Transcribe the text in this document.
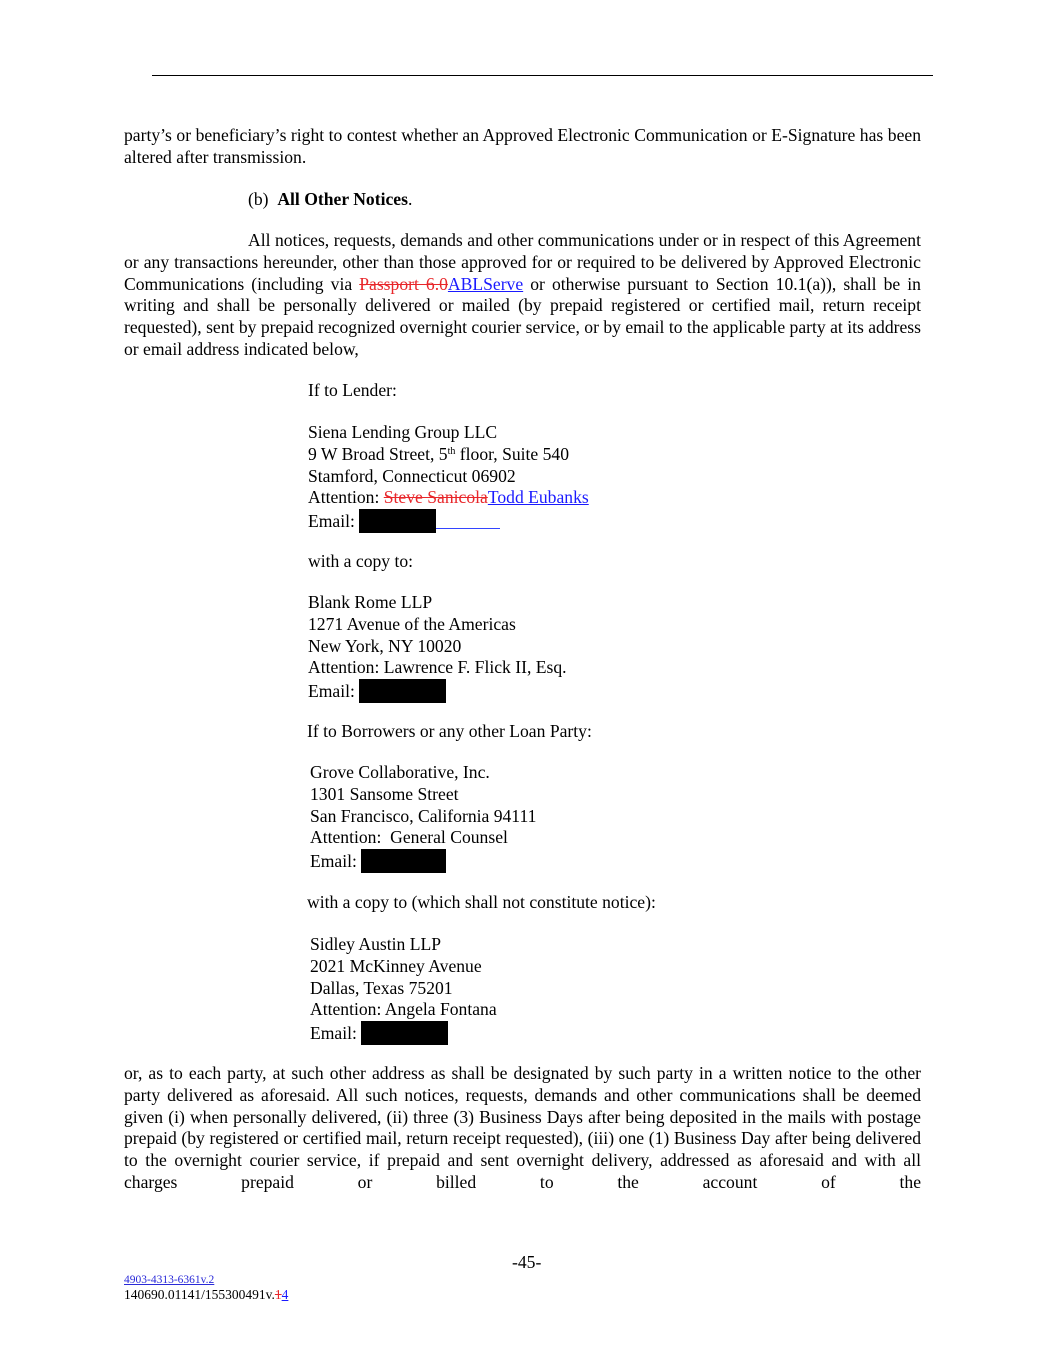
party’s or beneficiary’s right to contest whether an Approved Electronic Communication or E-Signature has been altered after transmission.

(b) All Other Notices.

All notices, requests, demands and other communications under or in respect of this Agreement or any transactions hereunder, other than those approved for or required to be delivered by Approved Electronic Communications (including via Passport 6.0ABLServe or otherwise pursuant to Section 10.1(a)), shall be in writing and shall be personally delivered or mailed (by prepaid registered or certified mail, return receipt requested), sent by prepaid recognized overnight courier service, or by email to the applicable party at its address or email address indicated below,

If to Lender:
Siena Lending Group LLC
9 W Broad Street, 5th floor, Suite 540
Stamford, Connecticut 06902
Attention: Steve SanicolaTodd Eubanks
Email:
with a copy to:
Blank Rome LLP
1271 Avenue of the Americas
New York, NY 10020
Attention: Lawrence F. Flick II, Esq.
Email:
If to Borrowers or any other Loan Party:
Grove Collaborative, Inc.
1301 Sansome Street
San Francisco, California 94111
Attention:  General Counsel
Email:
with a copy to (which shall not constitute notice):
Sidley Austin LLP
2021 McKinney Avenue
Dallas, Texas 75201
Attention: Angela Fontana
Email:

or, as to each party, at such other address as shall be designated by such party in a written notice to the other party delivered as aforesaid. All such notices, requests, demands and other communications shall be deemed given (i) when personally delivered, (ii) three (3) Business Days after being deposited in the mails with postage prepaid (by registered or certified mail, return receipt requested), (iii) one (1) Business Day after being delivered to the overnight courier service, if prepaid and sent overnight delivery, addressed as aforesaid and with all charges prepaid or billed to the account of the

-45-
4903-4313-6361v.2
140690.01141/155300491v.14
